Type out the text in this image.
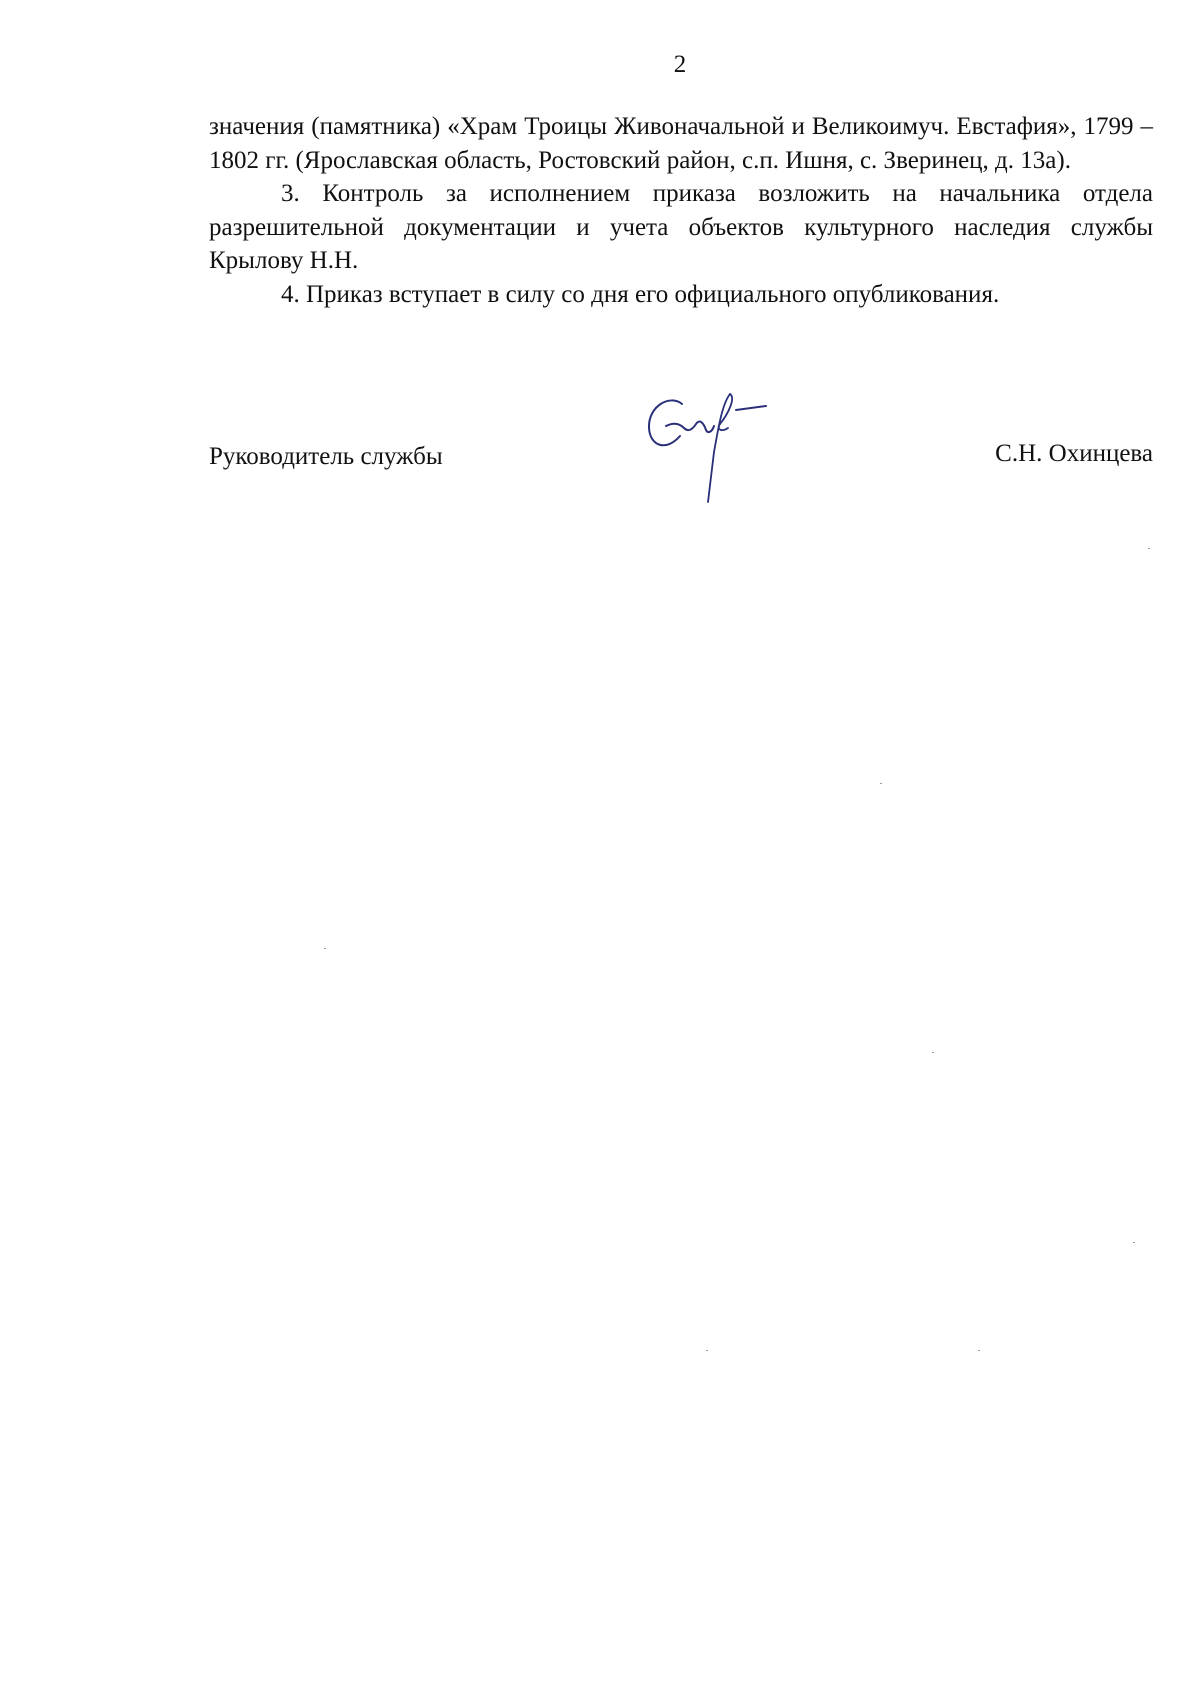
2

значения (памятника) «Храм Троицы Живоначальной и Великоимуч. Евстафия», 1799 – 1802 гг. (Ярославская область, Ростовский район, с.п. Ишня, с. Зверинец, д. 13а).

3. Контроль за исполнением приказа возложить на начальника отдела разрешительной документации и учета объектов культурного наследия службы Крылову Н.Н.

4. Приказ вступает в силу со дня его официального опубликования.

Руководитель службы	С.Н. Охинцева
